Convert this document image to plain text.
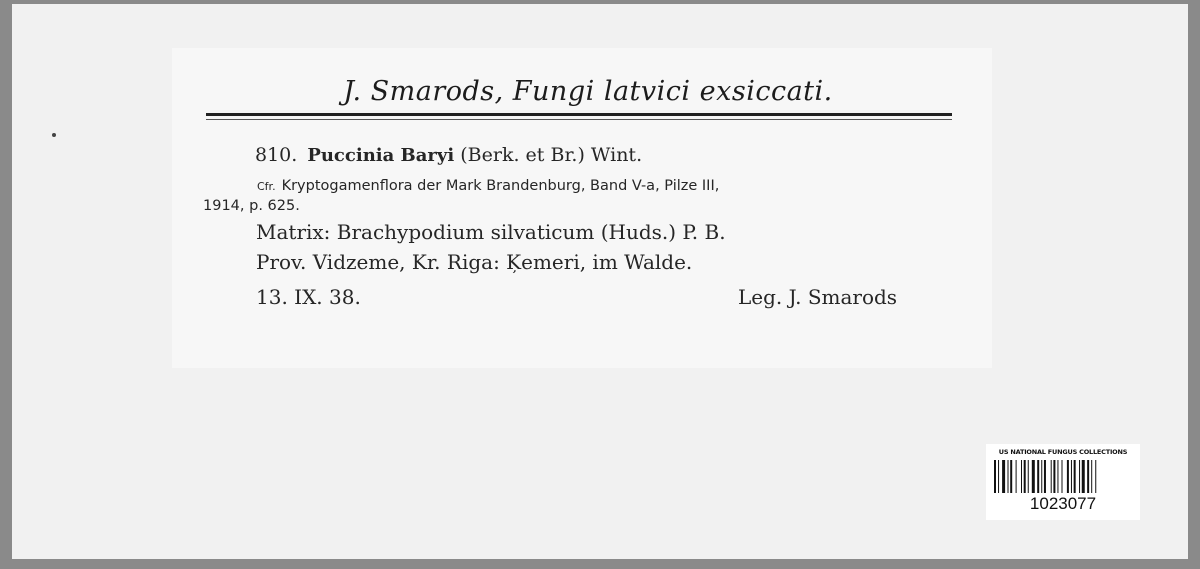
J. Smarods, Fungi latvici exsiccati.
810. Puccinia Baryi (Berk. et Br.) Wint.
Cfr. Kryptogamenflora der Mark Brandenburg, Band V-a, Pilze III,
1914, p. 625.
Matrix: Brachypodium silvaticum (Huds.) P. B.
Prov. Vidzeme, Kr. Riga: Ķemeri, im Walde.
13. IX. 38.	Leg. J. Smarods
US NATIONAL FUNGUS COLLECTIONS
1023077
